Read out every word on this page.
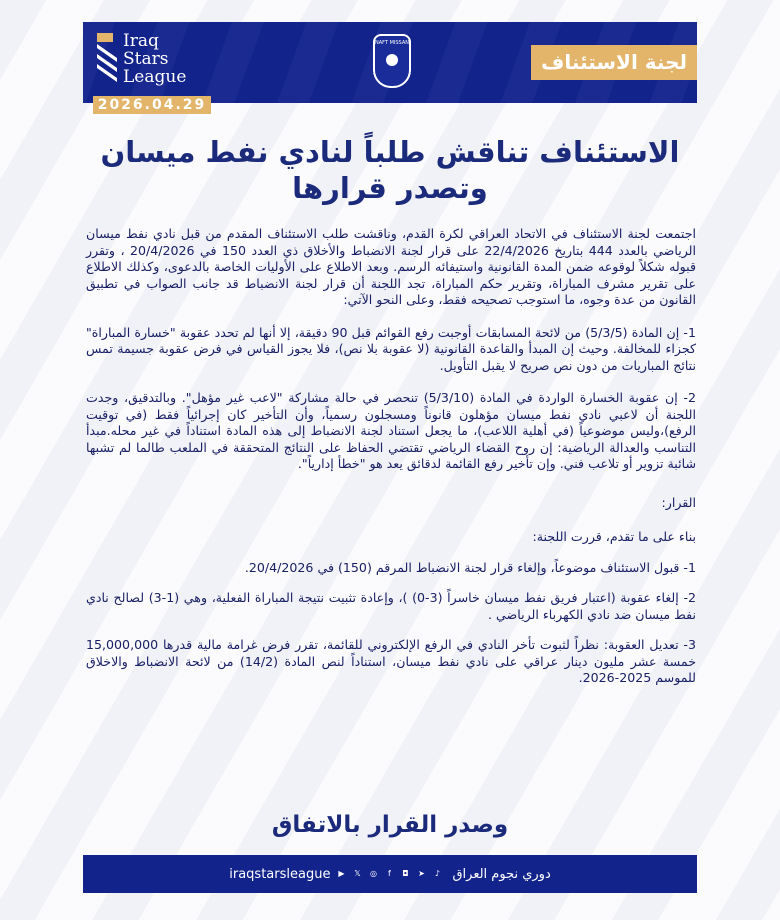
Iraq
Stars
League
NAFT MISSAN
لجنة الاستئناف
2026.04.29
الاستئناف تناقش طلباً لنادي نفط ميسان وتصدر قرارها

اجتمعت لجنة الاستئناف في الاتحاد العراقي لكرة القدم، وناقشت طلب الاستئناف المقدم من قبل نادي نفط ميسان الرياضي بالعدد 444 بتاريخ 22/4/2026 على قرار لجنة الانضباط والأخلاق ذي العدد 150 في 20/4/2026 ، وتقرر قبوله شكلاً لوقوعه ضمن المدة القانونية واستيفائه الرسم. وبعد الاطلاع على الأوليات الخاصة بالدعوى، وكذلك الاطلاع على تقرير مشرف المباراة، وتقرير حكم المباراة، تجد اللجنة أن قرار لجنة الانضباط قد جانب الصواب في تطبيق القانون من عدة وجوه، ما استوجب تصحيحه فقط، وعلى النحو الآتي:

1- إن المادة (5/3/5) من لائحة المسابقات أوجبت رفع القوائم قبل 90 دقيقة، إلا أنها لم تحدد عقوبة "خسارة المباراة" كجزاء للمخالفة. وحيث إن المبدأ والقاعدة القانونية (لا عقوبة بلا نص)، فلا يجوز القياس في فرض عقوبة جسيمة تمس نتائج المباريات من دون نص صريح لا يقبل التأويل.

2- إن عقوبة الخسارة الواردة في المادة (5/3/10) تنحصر في حالة مشاركة "لاعب غير مؤهل". وبالتدقيق، وجدت اللجنة أن لاعبي نادي نفط ميسان مؤهلون قانوناً ومسجلون رسمياً، وأن التأخير كان إجرائياً فقط (في توقيت الرفع)،وليس موضوعياً (في أهلية اللاعب)، ما يجعل استناد لجنة الانضباط إلى هذه المادة استناداً في غير محله.مبدأ التناسب والعدالة الرياضية: إن روح القضاء الرياضي تقتضي الحفاظ على النتائج المتحققة في الملعب طالما لم تشبها شائبة تزوير أو تلاعب فني. وإن تأخير رفع القائمة لدقائق يعد هو "خطأ إدارياً".

القرار:

بناء على ما تقدم، قررت اللجنة:

1- قبول الاستئناف موضوعاً، وإلغاء قرار لجنة الانضباط المرقم (150) في 20/4/2026.

2- إلغاء عقوبة (اعتبار فريق نفط ميسان خاسراً (3-0) )، وإعادة تثبيت نتيجة المباراة الفعلية، وهي (1-3) لصالح نادي نفط ميسان ضد نادي الكهرباء الرياضي .

3- تعديل العقوبة: نظراً لثبوت تأخر النادي في الرفع الإلكتروني للقائمة، تقرر فرض غرامة مالية قدرها 15,000,000 خمسة عشر مليون دينار عراقي على نادي نفط ميسان، استناداً لنص المادة (14/2) من لائحة الانضباط والاخلاق للموسم 2025-2026.

وصدر القرار بالاتفاق
iraqstarsleague ▶ 𝕏 ◎	f	◘ ➤	♪ دوري نجوم العراق
